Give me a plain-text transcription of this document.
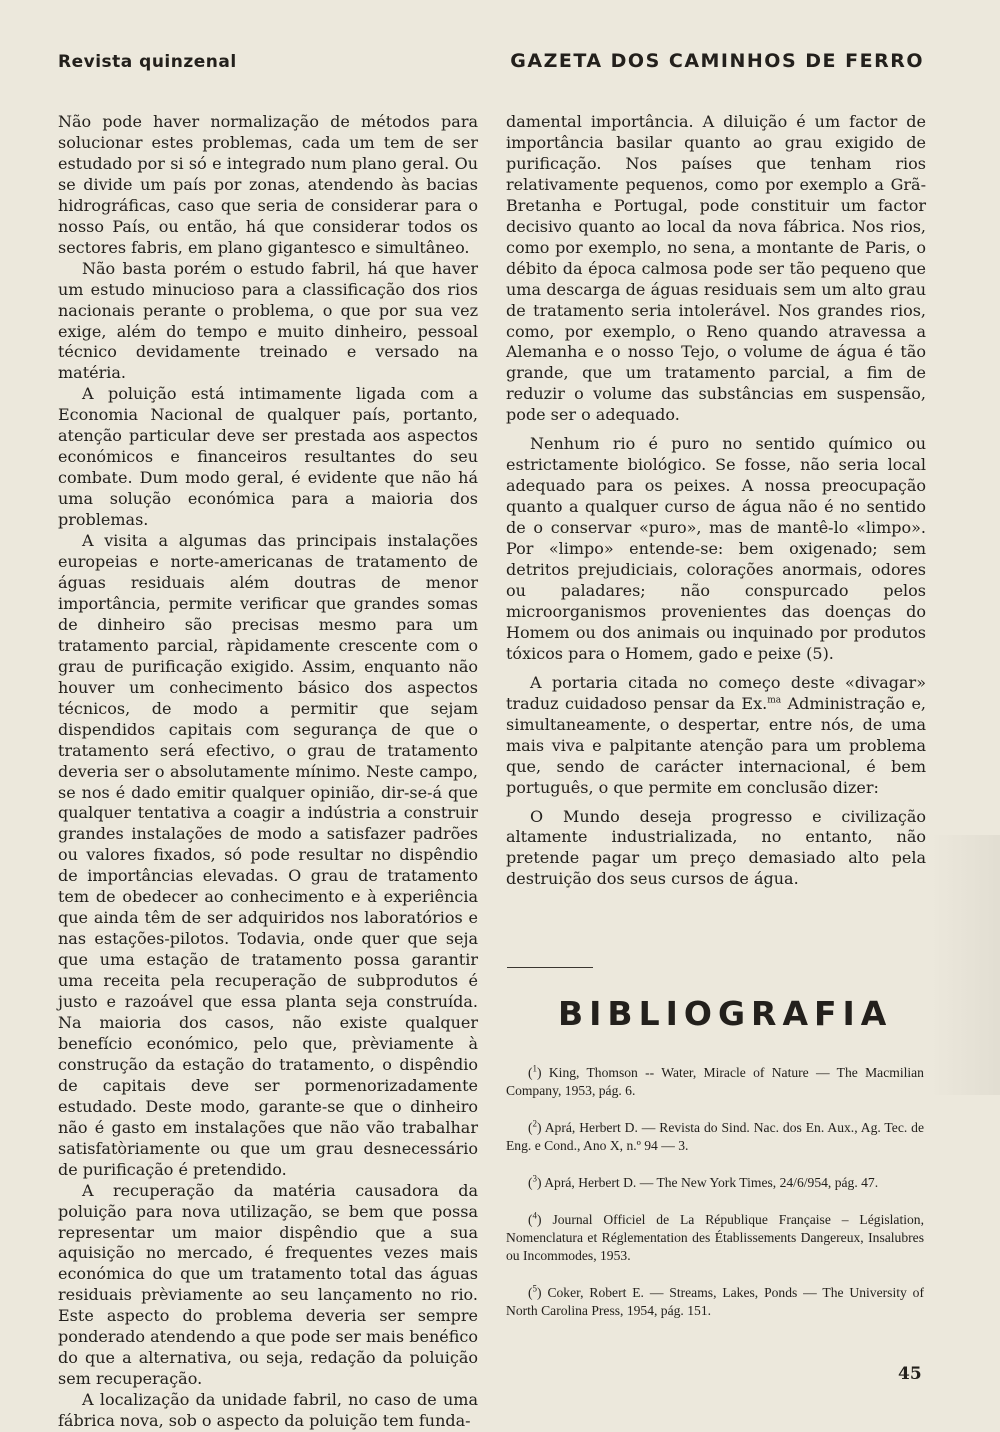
Revista quinzenal	GAZETA DOS CAMINHOS DE FERRO

Não pode haver normalização de métodos para solucionar estes problemas, cada um tem de ser estudado por si só e integrado num plano geral. Ou se divide um país por zonas, atendendo às bacias hidrográficas, caso que seria de considerar para o nosso País, ou então, há que considerar todos os sectores fabris, em plano gigantesco e simultâneo.

Não basta porém o estudo fabril, há que haver um estudo minucioso para a classificação dos rios nacionais perante o problema, o que por sua vez exige, além do tempo e muito dinheiro, pessoal técnico devidamente treinado e versado na matéria.

A poluição está intimamente ligada com a Economia Nacional de qualquer país, portanto, atenção particular deve ser prestada aos aspectos económicos e financeiros resultantes do seu combate. Dum modo geral, é evidente que não há uma solução económica para a maioria dos problemas.

A visita a algumas das principais instalações europeias e norte-americanas de tratamento de águas residuais além doutras de menor importância, permite verificar que grandes somas de dinheiro são precisas mesmo para um tratamento parcial, ràpidamente crescente com o grau de purificação exigido. Assim, enquanto não houver um conhecimento básico dos aspectos técnicos, de modo a permitir que sejam dispendidos capitais com segurança de que o tratamento será efectivo, o grau de tratamento deveria ser o absolutamente mínimo. Neste campo, se nos é dado emitir qualquer opinião, dir-se-á que qualquer tentativa a coagir a indústria a construir grandes instalações de modo a satisfazer padrões ou valores fixados, só pode resultar no dispêndio de importâncias elevadas. O grau de tratamento tem de obedecer ao conhecimento e à experiência que ainda têm de ser adquiridos nos laboratórios e nas estações-pilotos. Todavia, onde quer que seja que uma estação de tratamento possa garantir uma receita pela recuperação de subprodutos é justo e razoável que essa planta seja construída. Na maioria dos casos, não existe qualquer benefício económico, pelo que, prèviamente à construção da estação do tratamento, o dispêndio de capitais deve ser pormenorizadamente estudado. Deste modo, garante-se que o dinheiro não é gasto em instalações que não vão trabalhar satisfatòriamente ou que um grau desnecessário de purificação é pretendido.

A recuperação da matéria causadora da poluição para nova utilização, se bem que possa representar um maior dispêndio que a sua aquisição no mercado, é frequentes vezes mais económica do que um tratamento total das águas residuais prèviamente ao seu lançamento no rio. Este aspecto do problema deveria ser sempre ponderado atendendo a que pode ser mais benéfico do que a alternativa, ou seja, redação da poluição sem recuperação.

A localização da unidade fabril, no caso de uma fábrica nova, sob o aspecto da poluição tem funda-

damental importância. A diluição é um factor de importância basilar quanto ao grau exigido de purificação. Nos países que tenham rios relativamente pequenos, como por exemplo a Grã-Bretanha e Portugal, pode constituir um factor decisivo quanto ao local da nova fábrica. Nos rios, como por exemplo, no sena, a montante de Paris, o débito da época calmosa pode ser tão pequeno que uma descarga de águas residuais sem um alto grau de tratamento seria intolerável. Nos grandes rios, como, por exemplo, o Reno quando atravessa a Alemanha e o nosso Tejo, o volume de água é tão grande, que um tratamento parcial, a fim de reduzir o volume das substâncias em suspensão, pode ser o adequado.

Nenhum rio é puro no sentido químico ou estrictamente biológico. Se fosse, não seria local adequado para os peixes. A nossa preocupação quanto a qualquer curso de água não é no sentido de o conservar «puro», mas de mantê-lo «limpo». Por «limpo» entende-se: bem oxigenado; sem detritos prejudiciais, colorações anormais, odores ou paladares; não conspurcado pelos microorganismos provenientes das doenças do Homem ou dos animais ou inquinado por produtos tóxicos para o Homem, gado e peixe (5).

A portaria citada no começo deste «divagar» traduz cuidadoso pensar da Ex.$^{ma}$ Administração e, simultaneamente, o despertar, entre nós, de uma mais viva e palpitante atenção para um problema que, sendo de carácter internacional, é bem português, o que permite em conclusão dizer:

O Mundo deseja progresso e civilização altamente industrializada, no entanto, não pretende pagar um preço demasiado alto pela destruição dos seus cursos de água.

BIBLIOGRAFIA

($^1$) King, Thomson -- Water, Miracle of Nature — The Macmilian Company, 1953, pág. 6.

($^2$) Aprá, Herbert D. — Revista do Sind. Nac. dos En. Aux., Ag. Tec. de Eng. e Cond., Ano X, n.º 94 — 3.

($^3$) Aprá, Herbert D. — The New York Times, 24/6/954, pág. 47.

($^4$) Journal Officiel de La République Française – Législation, Nomenclatura et Réglementation des Établissements Dangereux, Insalubres ou Incommodes, 1953.

($^5$) Coker, Robert E. — Streams, Lakes, Ponds — The University of North Carolina Press, 1954, pág. 151.

45
